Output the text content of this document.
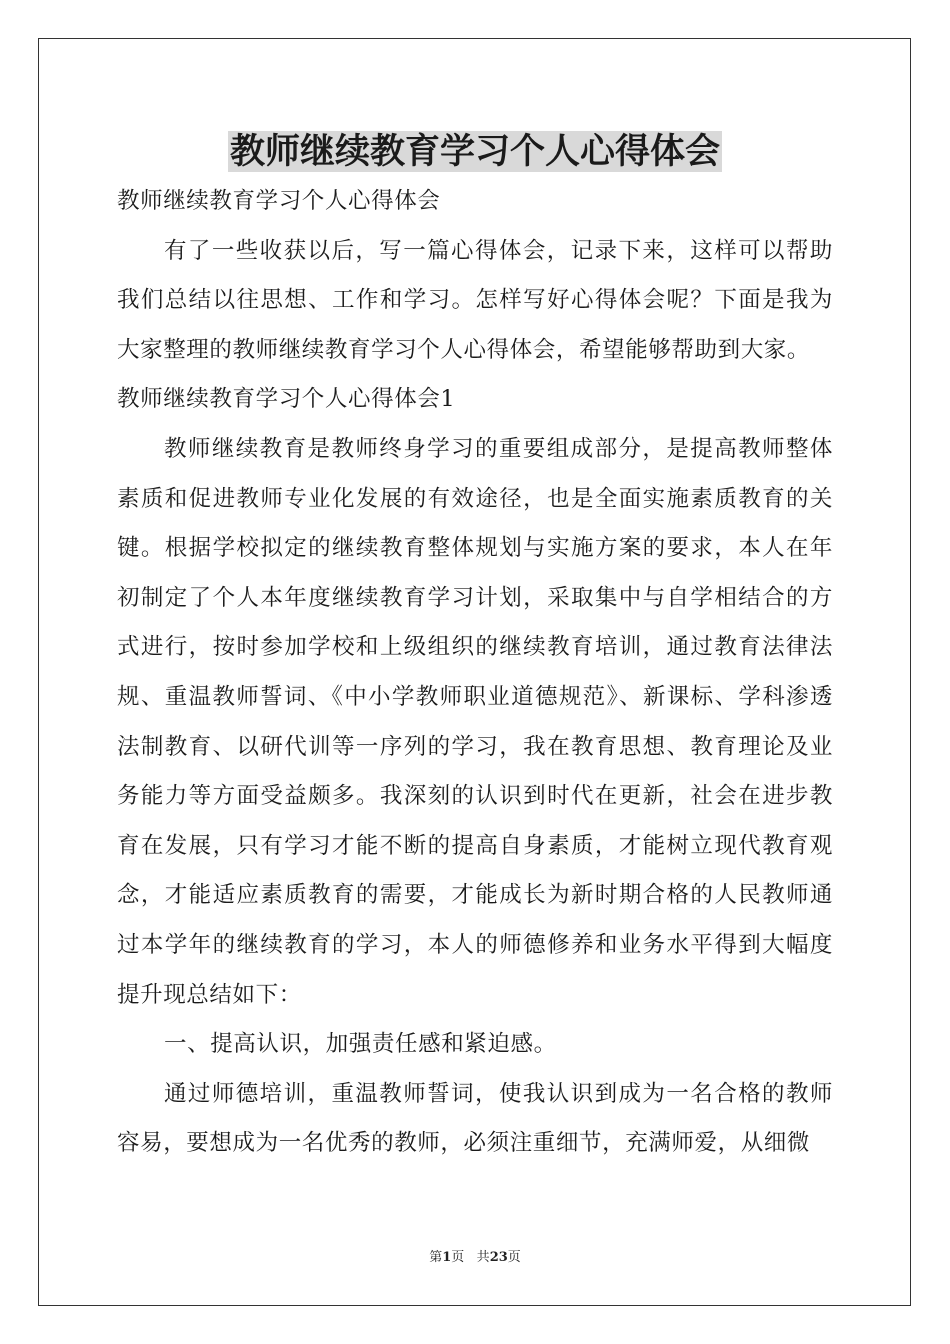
教师继续教育学习个人心得体会

教师继续教育学习个人心得体会

有了一些收获以后，写一篇心得体会，记录下来，这样可以帮助我们总结以往思想、工作和学习。怎样写好心得体会呢？下面是我为大家整理的教师继续教育学习个人心得体会，希望能够帮助到大家。

教师继续教育学习个人心得体会1

教师继续教育是教师终身学习的重要组成部分，是提高教师整体素质和促进教师专业化发展的有效途径，也是全面实施素质教育的关键。根据学校拟定的继续教育整体规划与实施方案的要求，本人在年初制定了个人本年度继续教育学习计划，采取集中与自学相结合的方式进行，按时参加学校和上级组织的继续教育培训，通过教育法律法规、重温教师誓词、《中小学教师职业道德规范》、新课标、学科渗透法制教育、以研代训等一序列的学习，我在教育思想、教育理论及业务能力等方面受益颇多。我深刻的认识到时代在更新，社会在进步教育在发展，只有学习才能不断的提高自身素质，才能树立现代教育观念，才能适应素质教育的需要，才能成长为新时期合格的人民教师通过本学年的继续教育的学习，本人的师德修养和业务水平得到大幅度提升现总结如下：

一、提高认识，加强责任感和紧迫感。

通过师德培训，重温教师誓词，使我认识到成为一名合格的教师容易，要想成为一名优秀的教师，必须注重细节，充满师爱，从细微

第1页 共23页
